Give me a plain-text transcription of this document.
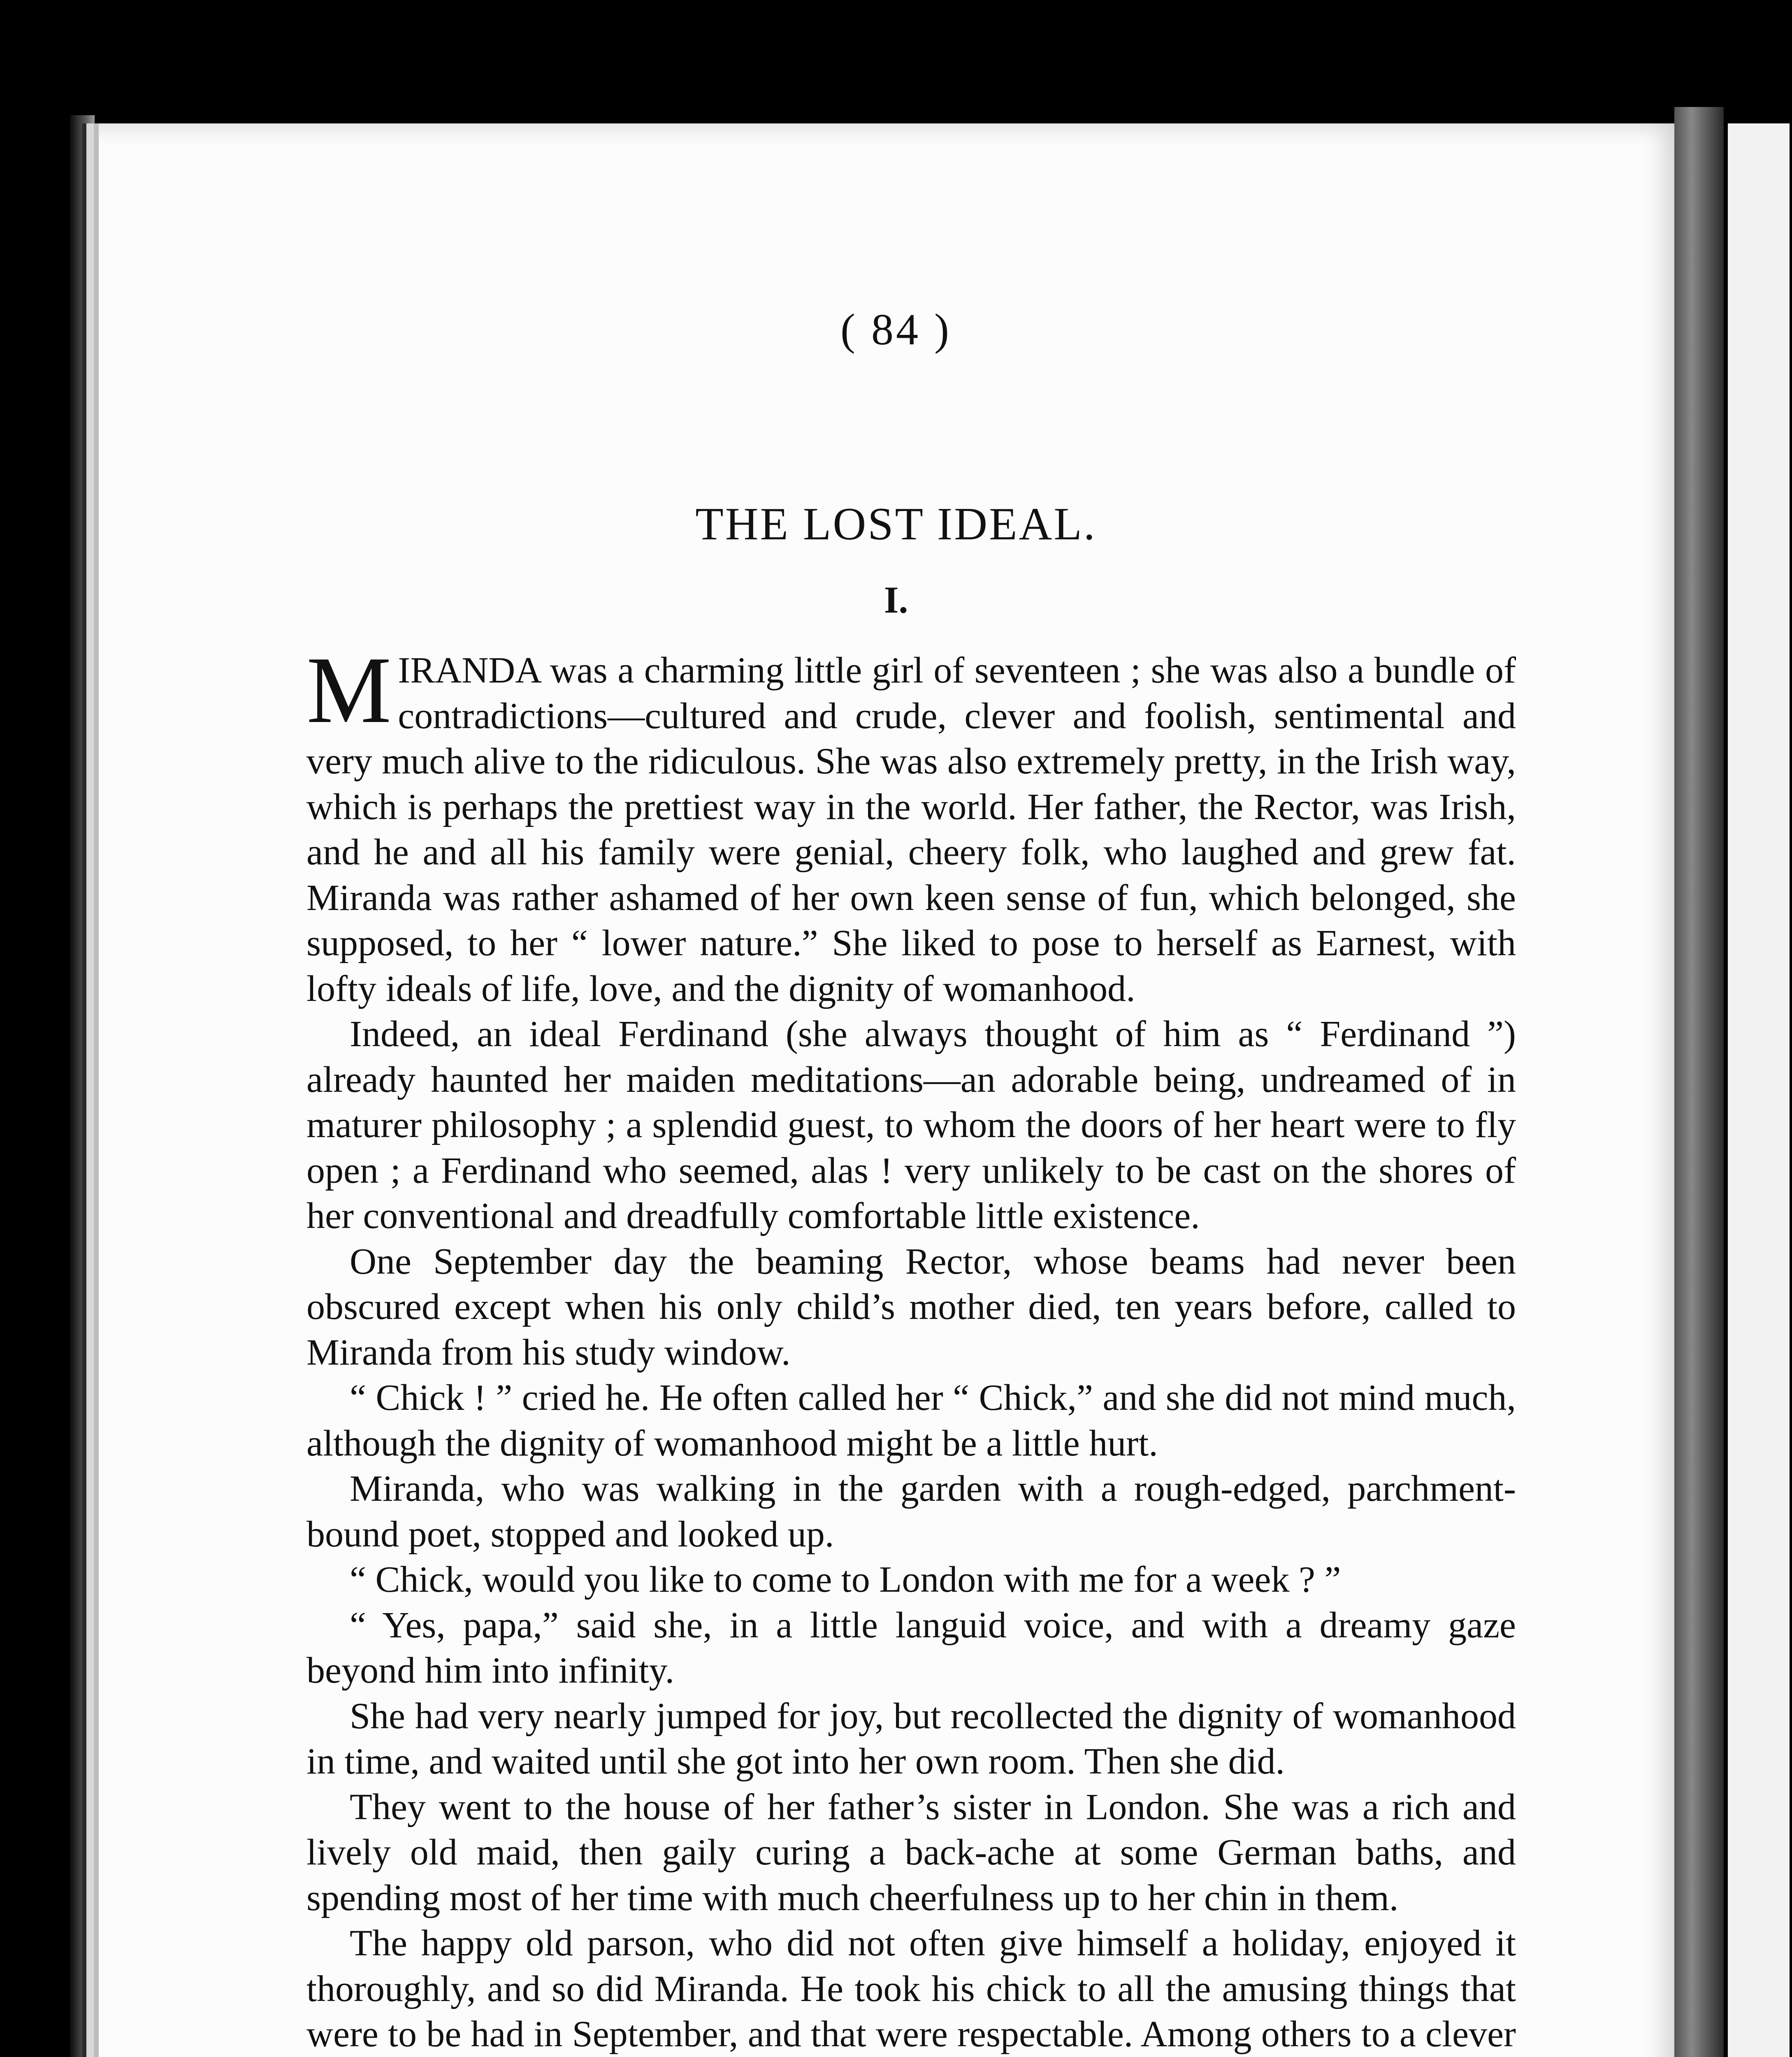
( 84 )
THE LOST IDEAL.
I.

MIRANDA was a charming little girl of seventeen ; she was also a bundle of contradictions—cultured and crude, clever and foolish, sentimental and very much alive to the ridiculous. She was also extremely pretty, in the Irish way, which is perhaps the prettiest way in the world. Her father, the Rector, was Irish, and he and all his family were genial, cheery folk, who laughed and grew fat. Miranda was rather ashamed of her own keen sense of fun, which belonged, she supposed, to her “ lower nature.” She liked to pose to herself as Earnest, with lofty ideals of life, love, and the dignity of womanhood.

Indeed, an ideal Ferdinand (she always thought of him as “ Ferdinand ”) already haunted her maiden meditations—an adorable being, undreamed of in maturer philosophy ; a splendid guest, to whom the doors of her heart were to fly open ; a Ferdinand who seemed, alas ! very unlikely to be cast on the shores of her conventional and dreadfully comfortable little existence.

One September day the beaming Rector, whose beams had never been obscured except when his only child’s mother died, ten years before, called to Miranda from his study window.

“ Chick ! ” cried he. He often called her “ Chick,” and she did not mind much, although the dignity of womanhood might be a little hurt.

Miranda, who was walking in the garden with a rough-edged, parchment-bound poet, stopped and looked up.

“ Chick, would you like to come to London with me for a week ? ”

“ Yes, papa,” said she, in a little languid voice, and with a dreamy gaze beyond him into infinity.

She had very nearly jumped for joy, but recollected the dignity of womanhood in time, and waited until she got into her own room. Then she did.

They went to the house of her father’s sister in London. She was a rich and lively old maid, then gaily curing a back-ache at some German baths, and spending most of her time with much cheerfulness up to her chin in them.

The happy old parson, who did not often give himself a holiday, enjoyed it thoroughly, and so did Miranda. He took his chick to all the amusing things that were to be had in September, and that were respectable. Among others to a clever
